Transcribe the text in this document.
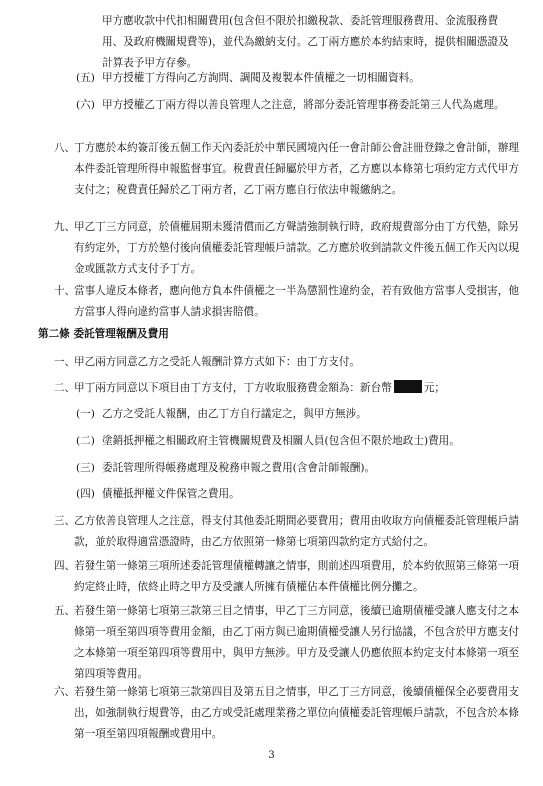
甲方應收款中代扣相關費用(包含但不限於扣繳稅款、委託管理服務費用、金流服務費用、及政府機關規費等)，並代為繳納支付。乙丁兩方應於本約結束時，提供相關憑證及計算表予甲方存參。
(五) 甲方授權丁方得向乙方詢問、調閱及複製本件債權之一切相關資料。
(六) 甲方授權乙丁兩方得以善良管理人之注意，將部分委託管理事務委託第三人代為處理。
八、
丁方應於本約簽訂後五個工作天內委託於中華民國境內任一會計師公會註冊登錄之會計師，辦理本件委託管理所得申報監督事宜。稅費責任歸屬於甲方者，乙方應以本條第七項約定方式代甲方支付之；稅費責任歸於乙丁兩方者，乙丁兩方應自行依法申報繳納之。
九、
甲乙丁三方同意，於債權屆期未獲清償而乙方聲請強制執行時，政府規費部分由丁方代墊，除另有約定外，丁方於墊付後向債權委託管理帳戶請款。乙方應於收到請款文件後五個工作天內以現金或匯款方式支付予丁方。
十、
當事人違反本條者，應向他方負本件債權之一半為懲罰性違約金，若有致他方當事人受損害，他方當事人得向違約當事人請求損害賠償。
第二條 委託管理報酬及費用
一、
甲乙兩方同意乙方之受託人報酬計算方式如下：由丁方支付。
二、
甲丁兩方同意以下項目由丁方支付，丁方收取服務費金額為：新台幣	元；
(一) 乙方之受託人報酬，由乙丁方自行議定之，與甲方無涉。
(二) 塗銷抵押權之相關政府主管機關規費及相關人員(包含但不限於地政士)費用。
(三) 委託管理所得帳務處理及稅務申報之費用(含會計師報酬)。
(四) 債權抵押權文件保管之費用。
三、
乙方依善良管理人之注意，得支付其他委託期間必要費用；費用由收取方向債權委託管理帳戶請款，並於取得適當憑證時，由乙方依照第一條第七項第四款約定方式給付之。
四、
若發生第一條第三項所述委託管理債權轉讓之情事，則前述四項費用，於本約依照第三條第一項約定終止時，依終止時之甲方及受讓人所擁有債權佔本件債權比例分攤之。
五、
若發生第一條第七項第三款第三目之情事，甲乙丁三方同意，後續已逾期債權受讓人應支付之本條第一項至第四項等費用金額，由乙丁兩方與已逾期債權受讓人另行協議，不包含於甲方應支付之本條第一項至第四項等費用中，與甲方無涉。甲方及受讓人仍應依照本約定支付本條第一項至第四項等費用。
六、
若發生第一條第七項第三款第四目及第五目之情事，甲乙丁三方同意，後續債權保全必要費用支出，如強制執行規費等，由乙方或受託處理業務之單位向債權委託管理帳戶請款，不包含於本條第一項至第四項報酬或費用中。
3
